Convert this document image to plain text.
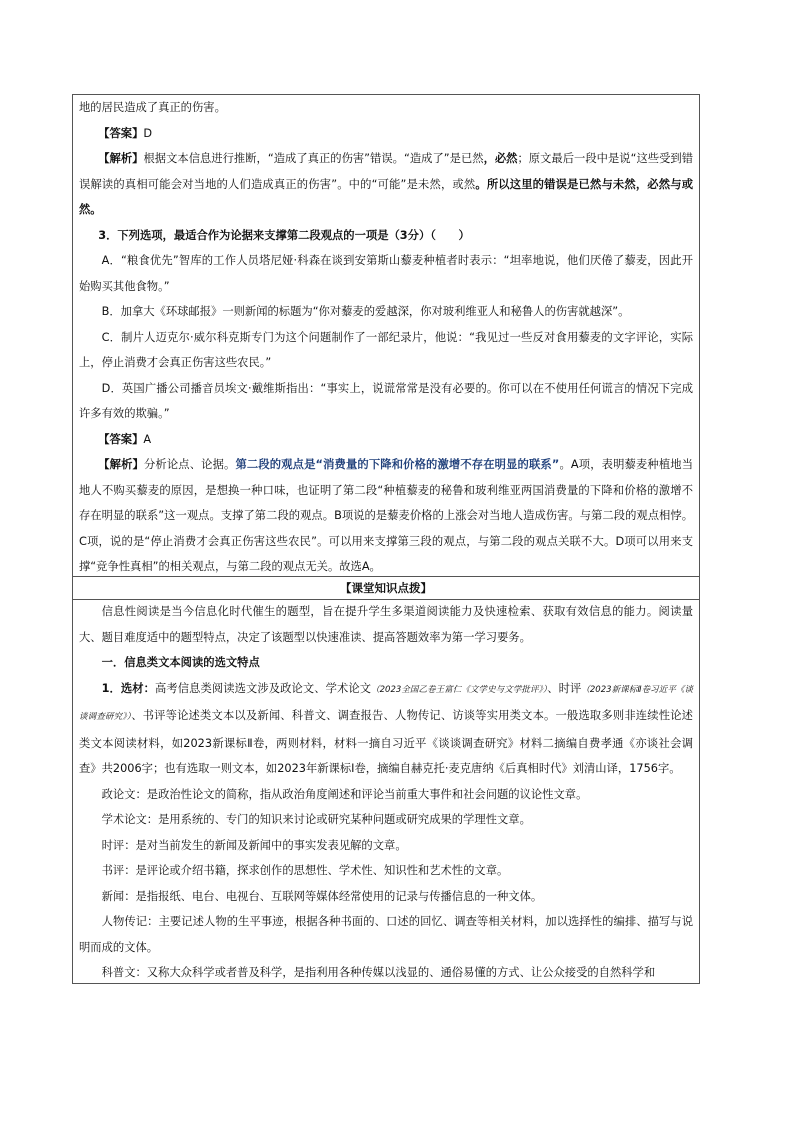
地的居民造成了真正的伤害。

【答案】D

【解析】根据文本信息进行推断，“造成了真正的伤害”错误。“造成了”是已然，必然；原文最后一段中是说“这些受到错误解读的真相可能会对当地的人们造成真正的伤害”。中的“可能”是未然，或然。所以这里的错误是已然与未然，必然与或然。

3．下列选项，最适合作为论据来支撑第二段观点的一项是（3分）（　　）

A．“粮食优先”智库的工作人员塔尼娅·科森在谈到安第斯山藜麦种植者时表示：“坦率地说，他们厌倦了藜麦，因此开始购买其他食物。”

B．加拿大《环球邮报》一则新闻的标题为“你对藜麦的爱越深，你对玻利维亚人和秘鲁人的伤害就越深”。

C．制片人迈克尔·威尔科克斯专门为这个问题制作了一部纪录片，他说：“我见过一些反对食用藜麦的文字评论，实际上，停止消费才会真正伤害这些农民。”

D．英国广播公司播音员埃文·戴维斯指出：“事实上，说谎常常是没有必要的。你可以在不使用任何谎言的情况下完成许多有效的欺骗。”

【答案】A

【解析】分析论点、论据。第二段的观点是“消费量的下降和价格的激增不存在明显的联系”。A项，表明藜麦种植地当地人不购买藜麦的原因，是想换一种口味，也证明了第二段“种植藜麦的秘鲁和玻利维亚两国消费量的下降和价格的激增不存在明显的联系”这一观点。支撑了第二段的观点。B项说的是藜麦价格的上涨会对当地人造成伤害。与第二段的观点相悖。C项，说的是“停止消费才会真正伤害这些农民”。可以用来支撑第三段的观点，与第二段的观点关联不大。D项可以用来支撑“竞争性真相”的相关观点，与第二段的观点无关。故选A。

【课堂知识点拨】

信息性阅读是当今信息化时代催生的题型，旨在提升学生多渠道阅读能力及快速检索、获取有效信息的能力。阅读量大、题目难度适中的题型特点，决定了该题型以快速准读、提高答题效率为第一学习要务。

一．信息类文本阅读的选文特点

1．选材：高考信息类阅读选文涉及政论文、学术论文（2023全国乙卷王富仁《文学史与文学批评》）、时评（2023新课标Ⅱ卷习近平《谈谈调查研究》）、书评等论述类文本以及新闻、科普文、调查报告、人物传记、访谈等实用类文本。一般选取多则非连续性论述类文本阅读材料，如2023新课标Ⅱ卷，两则材料，材料一摘自习近平《谈谈调查研究》材料二摘编自费孝通《亦谈社会调查》共2006字；也有选取一则文本，如2023年新课标Ⅰ卷，摘编自赫克托·麦克唐纳《后真相时代》刘清山译，1756字。

政论文：是政治性论文的简称，指从政治角度阐述和评论当前重大事件和社会问题的议论性文章。

学术论文：是用系统的、专门的知识来讨论或研究某种问题或研究成果的学理性文章。

时评：是对当前发生的新闻及新闻中的事实发表见解的文章。

书评：是评论或介绍书籍，探求创作的思想性、学术性、知识性和艺术性的文章。

新闻：是指报纸、电台、电视台、互联网等媒体经常使用的记录与传播信息的一种文体。

人物传记：主要记述人物的生平事迹，根据各种书面的、口述的回忆、调查等相关材料，加以选择性的编排、描写与说明而成的文体。

科普文：又称大众科学或者普及科学，是指利用各种传媒以浅显的、通俗易懂的方式、让公众接受的自然科学和
